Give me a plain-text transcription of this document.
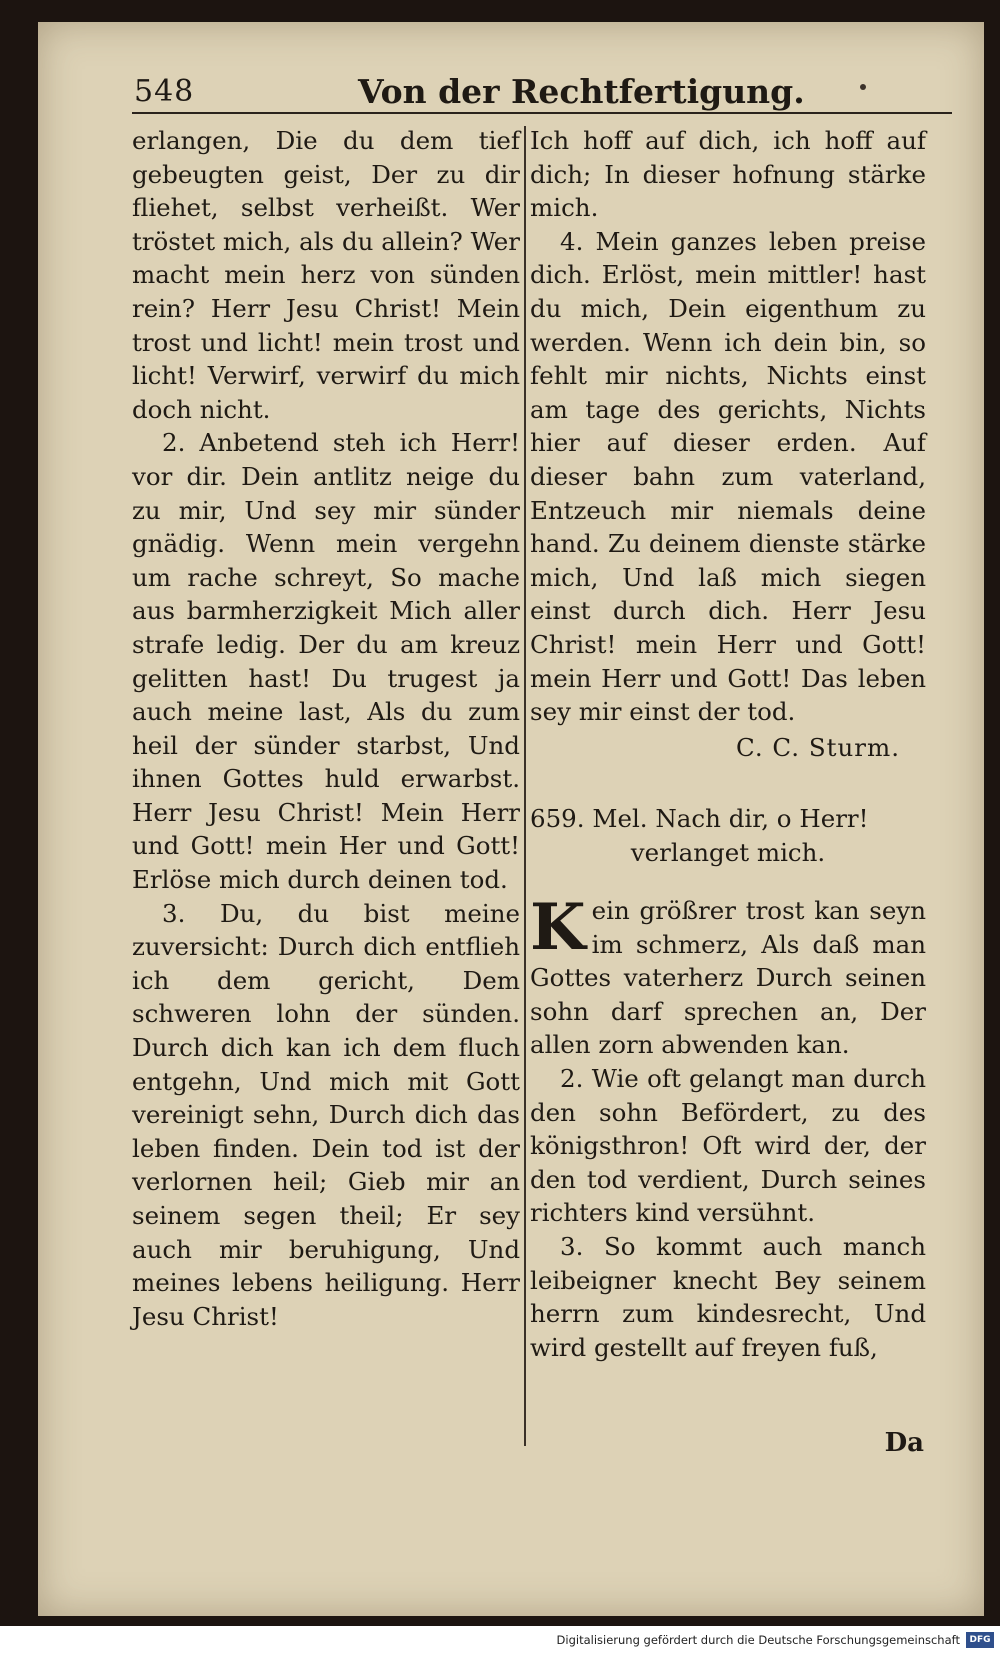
548	Von der Rechtfertigung.

erlangen, Die du dem tief gebeugten geist, Der zu dir fliehet, selbst verheißt. Wer tröstet mich, als du allein? Wer macht mein herz von sünden rein? Herr Jesu Christ! Mein trost und licht! mein trost und licht! Verwirf, verwirf du mich doch nicht.

2. Anbetend steh ich Herr! vor dir. Dein antlitz neige du zu mir, Und sey mir sünder gnädig. Wenn mein vergehn um rache schreyt, So mache aus barmherzigkeit Mich aller strafe ledig. Der du am kreuz gelitten hast! Du trugest ja auch meine last, Als du zum heil der sünder starbst, Und ihnen Gottes huld erwarbst. Herr Jesu Christ! Mein Herr und Gott! mein Her und Gott! Erlöse mich durch deinen tod.

3. Du, du bist meine zuversicht: Durch dich entflieh ich dem gericht, Dem schweren lohn der sünden. Durch dich kan ich dem fluch entgehn, Und mich mit Gott vereinigt sehn, Durch dich das leben finden. Dein tod ist der verlornen heil; Gieb mir an seinem segen theil; Er sey auch mir beruhigung, Und meines lebens heiligung. Herr Jesu Christ!

Ich hoff auf dich, ich hoff auf dich; In dieser hofnung stärke mich.

4. Mein ganzes leben preise dich. Erlöst, mein mittler! hast du mich, Dein eigenthum zu werden. Wenn ich dein bin, so fehlt mir nichts, Nichts einst am tage des gerichts, Nichts hier auf dieser erden. Auf dieser bahn zum vaterland, Entzeuch mir niemals deine hand. Zu deinem dienste stärke mich, Und laß mich siegen einst durch dich. Herr Jesu Christ! mein Herr und Gott! mein Herr und Gott! Das leben sey mir einst der tod.

C. C. Sturm.

659. Mel. Nach dir, o Herr!
verlanget mich.

Kein größrer trost kan seyn im schmerz, Als daß man Gottes vaterherz Durch seinen sohn darf sprechen an, Der allen zorn abwenden kan.

2. Wie oft gelangt man durch den sohn Befördert, zu des königsthron! Oft wird der, der den tod verdient, Durch seines richters kind versühnt.

3. So kommt auch manch leibeigner knecht Bey seinem herrn zum kindesrecht, Und wird gestellt auf freyen fuß,

Da
Digitalisierung gefördert durch die Deutsche Forschungsgemeinschaft	DFG
